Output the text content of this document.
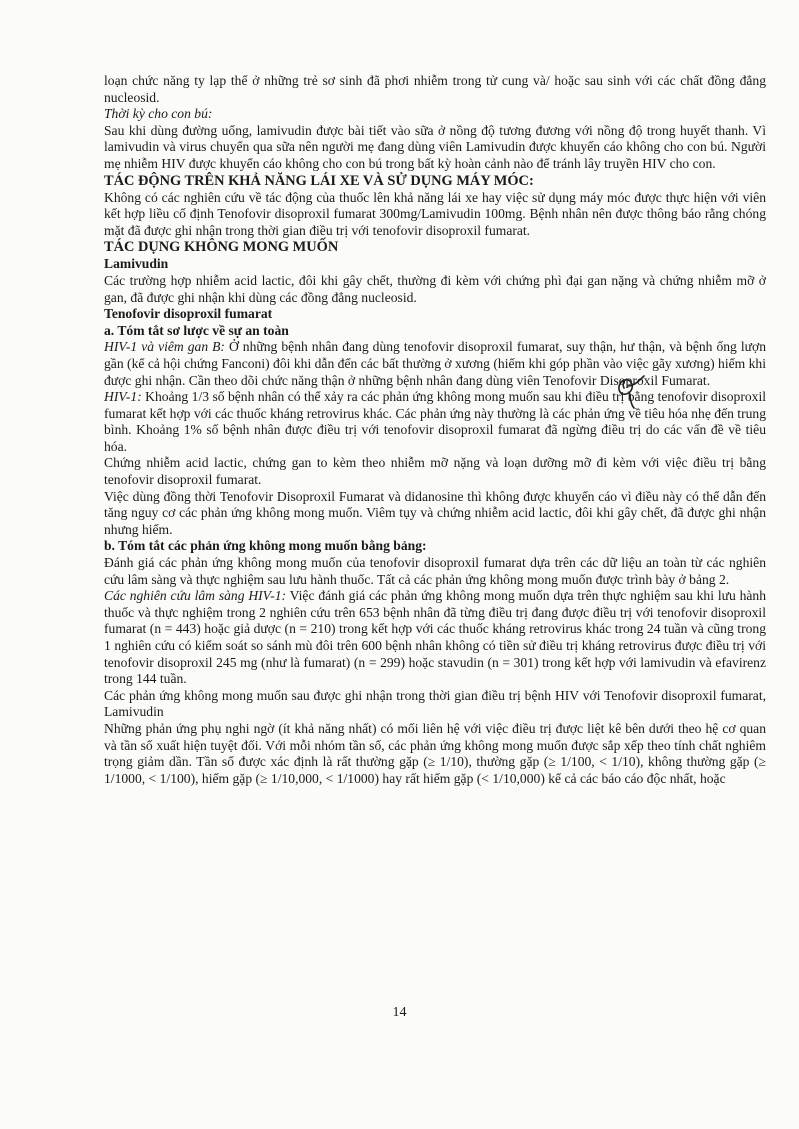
loạn chức năng ty lạp thể ở những trẻ sơ sinh đã phơi nhiễm trong tử cung và/ hoặc sau sinh với các chất đồng đẳng nucleosid.

Thời kỳ cho con bú:

Sau khi dùng đường uống, lamivudin được bài tiết vào sữa ở nồng độ tương đương với nồng độ trong huyết thanh. Vì lamivudin và virus chuyển qua sữa nên người mẹ đang dùng viên Lamivudin được khuyến cáo không cho con bú. Người mẹ nhiễm HIV được khuyến cáo không cho con bú trong bất kỳ hoàn cảnh nào để tránh lây truyền HIV cho con.

TÁC ĐỘNG TRÊN KHẢ NĂNG LÁI XE VÀ SỬ DỤNG MÁY MÓC:

Không có các nghiên cứu về tác động của thuốc lên khả năng lái xe hay việc sử dụng máy móc được thực hiện với viên kết hợp liều cố định Tenofovir disoproxil fumarat 300mg/Lamivudin 100mg. Bệnh nhân nên được thông báo rằng chóng mặt đã được ghi nhận trong thời gian điều trị với tenofovir disoproxil fumarat.

TÁC DỤNG KHÔNG MONG MUỐN

Lamivudin

Các trường hợp nhiễm acid lactic, đôi khi gây chết, thường đi kèm với chứng phì đại gan nặng và chứng nhiễm mỡ ở gan, đã được ghi nhận khi dùng các đồng đẳng nucleosid.

Tenofovir disoproxil fumarat

a. Tóm tắt sơ lược về sự an toàn

HIV-1 và viêm gan B: Ở những bệnh nhân đang dùng tenofovir disoproxil fumarat, suy thận, hư thận, và bệnh ống lượn gần (kể cả hội chứng Fanconi) đôi khi dẫn đến các bất thường ở xương (hiếm khi góp phần vào việc gãy xương) hiếm khi được ghi nhận. Cần theo dõi chức năng thận ở những bệnh nhân đang dùng viên Tenofovir Disoproxil Fumarat.

HIV-1: Khoảng 1/3 số bệnh nhân có thể xảy ra các phản ứng không mong muốn sau khi điều trị bằng tenofovir disoproxil fumarat kết hợp với các thuốc kháng retrovirus khác. Các phản ứng này thường là các phản ứng về tiêu hóa nhẹ đến trung bình. Khoảng 1% số bệnh nhân được điều trị với tenofovir disoproxil fumarat đã ngừng điều trị do các vấn đề về tiêu hóa.

Chứng nhiễm acid lactic, chứng gan to kèm theo nhiễm mỡ nặng và loạn dưỡng mỡ đi kèm với việc điều trị bằng tenofovir disoproxil fumarat.

Việc dùng đồng thời Tenofovir Disoproxil Fumarat và didanosine thì không được khuyến cáo vì điều này có thể dẫn đến tăng nguy cơ các phản ứng không mong muốn. Viêm tụy và chứng nhiễm acid lactic, đôi khi gây chết, đã được ghi nhận nhưng hiếm.

b. Tóm tắt các phản ứng không mong muốn bằng bảng:

Đánh giá các phản ứng không mong muốn của tenofovir disoproxil fumarat dựa trên các dữ liệu an toàn từ các nghiên cứu lâm sàng và thực nghiệm sau lưu hành thuốc. Tất cả các phản ứng không mong muốn được trình bày ở bảng 2.

Các nghiên cứu lâm sàng HIV-1: Việc đánh giá các phản ứng không mong muốn dựa trên thực nghiệm sau khi lưu hành thuốc và thực nghiệm trong 2 nghiên cứu trên 653 bệnh nhân đã từng điều trị đang được điều trị với tenofovir disoproxil fumarat (n = 443) hoặc giả dược (n = 210) trong kết hợp với các thuốc kháng retrovirus khác trong 24 tuần và cũng trong 1 nghiên cứu có kiểm soát so sánh mù đôi trên 600 bệnh nhân không có tiền sử điều trị kháng retrovirus được điều trị với tenofovir disoproxil 245 mg (như là fumarat) (n = 299) hoặc stavudin (n = 301) trong kết hợp với lamivudin và efavirenz trong 144 tuần.

Các phản ứng không mong muốn sau được ghi nhận trong thời gian điều trị bệnh HIV với Tenofovir disoproxil fumarat, Lamivudin

Những phản ứng phụ nghi ngờ (ít khả năng nhất) có mối liên hệ với việc điều trị được liệt kê bên dưới theo hệ cơ quan và tần số xuất hiện tuyệt đối. Với mỗi nhóm tần số, các phản ứng không mong muốn được sắp xếp theo tính chất nghiêm trọng giảm dần. Tần số được xác định là rất thường gặp (≥ 1/10), thường gặp (≥ 1/100, < 1/10), không thường gặp (≥ 1/1000, < 1/100), hiếm gặp (≥ 1/10,000, < 1/1000) hay rất hiếm gặp (< 1/10,000) kể cả các báo cáo độc nhất, hoặc

14
